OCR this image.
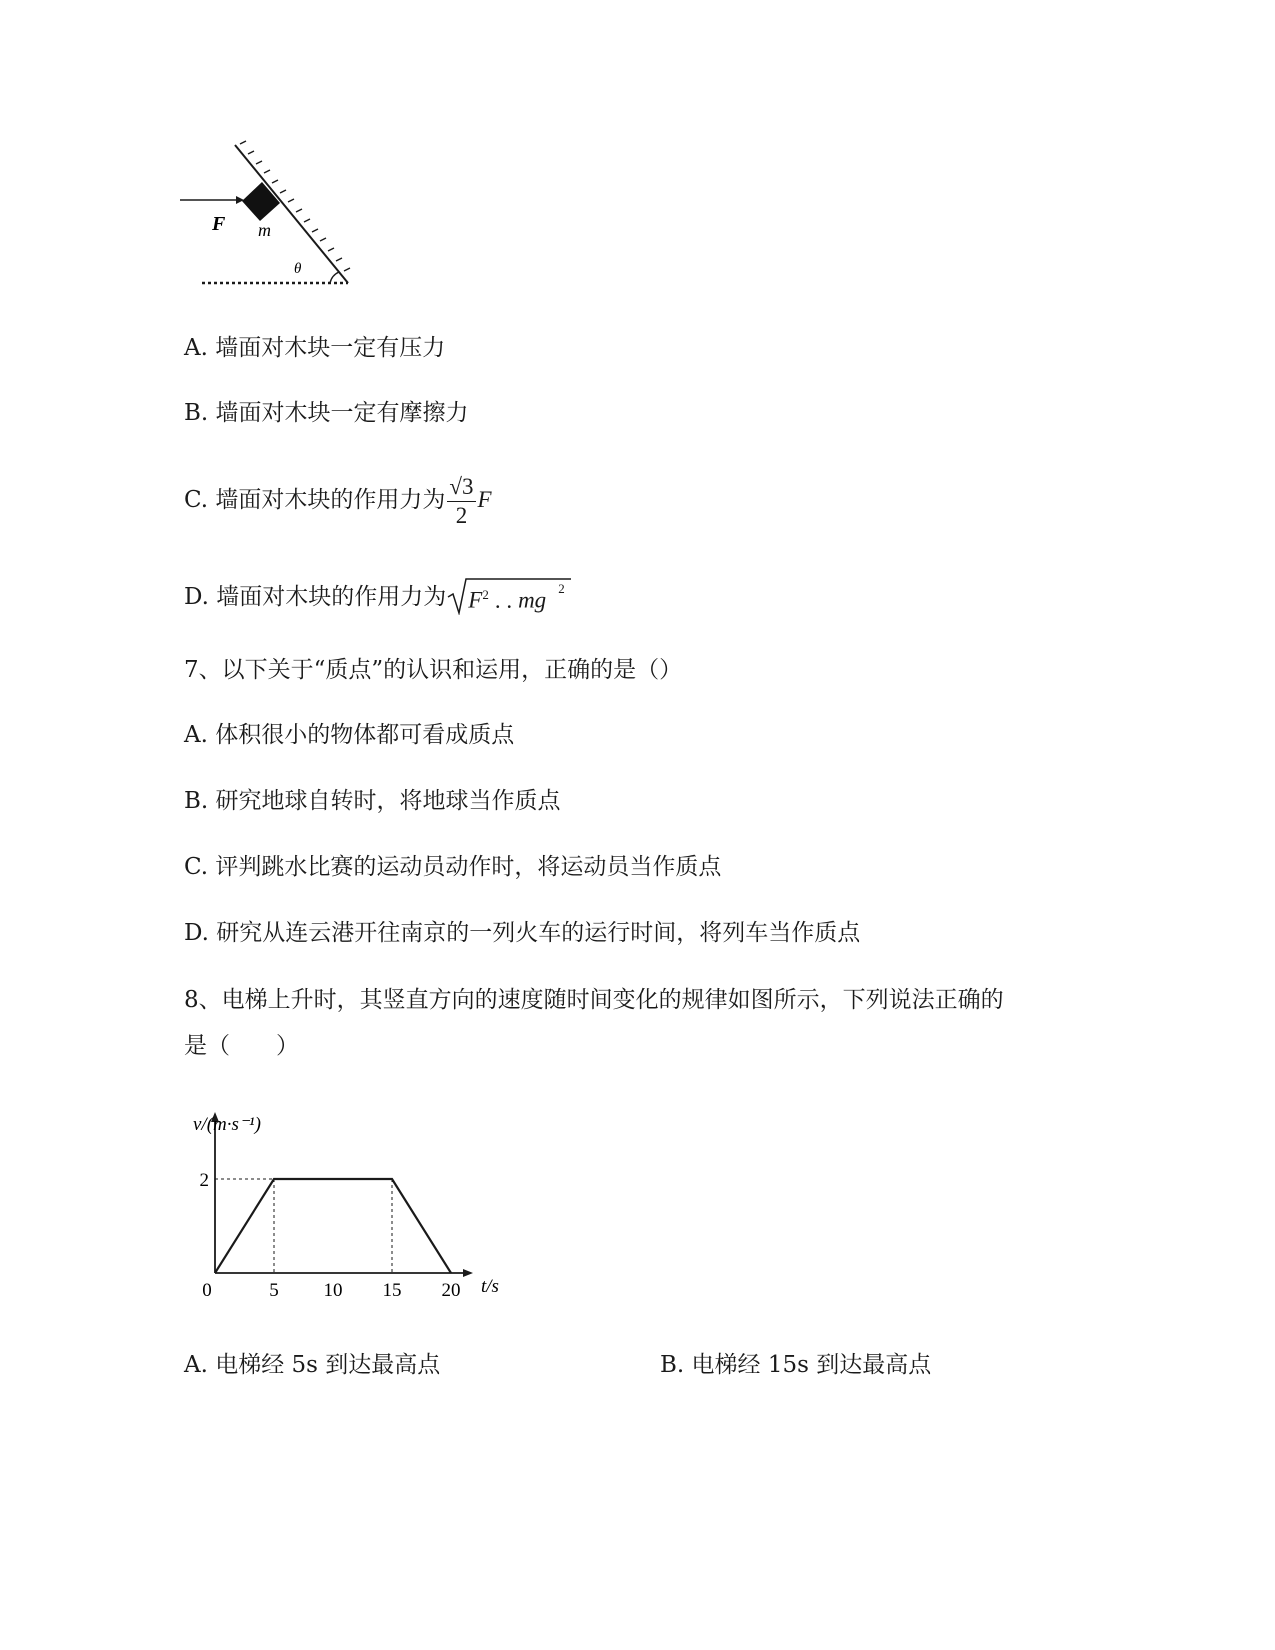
F m
θ
A. 墙面对木块一定有压力
B. 墙面对木块一定有摩擦力
C. 墙面对木块的作用力为 $\frac{√3}{2}$ F
D. 墙面对木块的作用力为 $F^2$ . . mg $^2$
7、以下关于“质点”的认识和运用，正确的是（）
A. 体积很小的物体都可看成质点
B. 研究地球自转时，将地球当作质点
C. 评判跳水比赛的运动员动作时，将运动员当作质点
D. 研究从连云港开往南京的一列火车的运行时间，将列车当作质点
8、电梯上升时，其竖直方向的速度随时间变化的规律如图所示，下列说法正确的
是（　　）
0	5 10 15 20
2
v/(m·s⁻¹)
t/s
A. 电梯经 5s 到达最高点	B. 电梯经 15s 到达最高点
